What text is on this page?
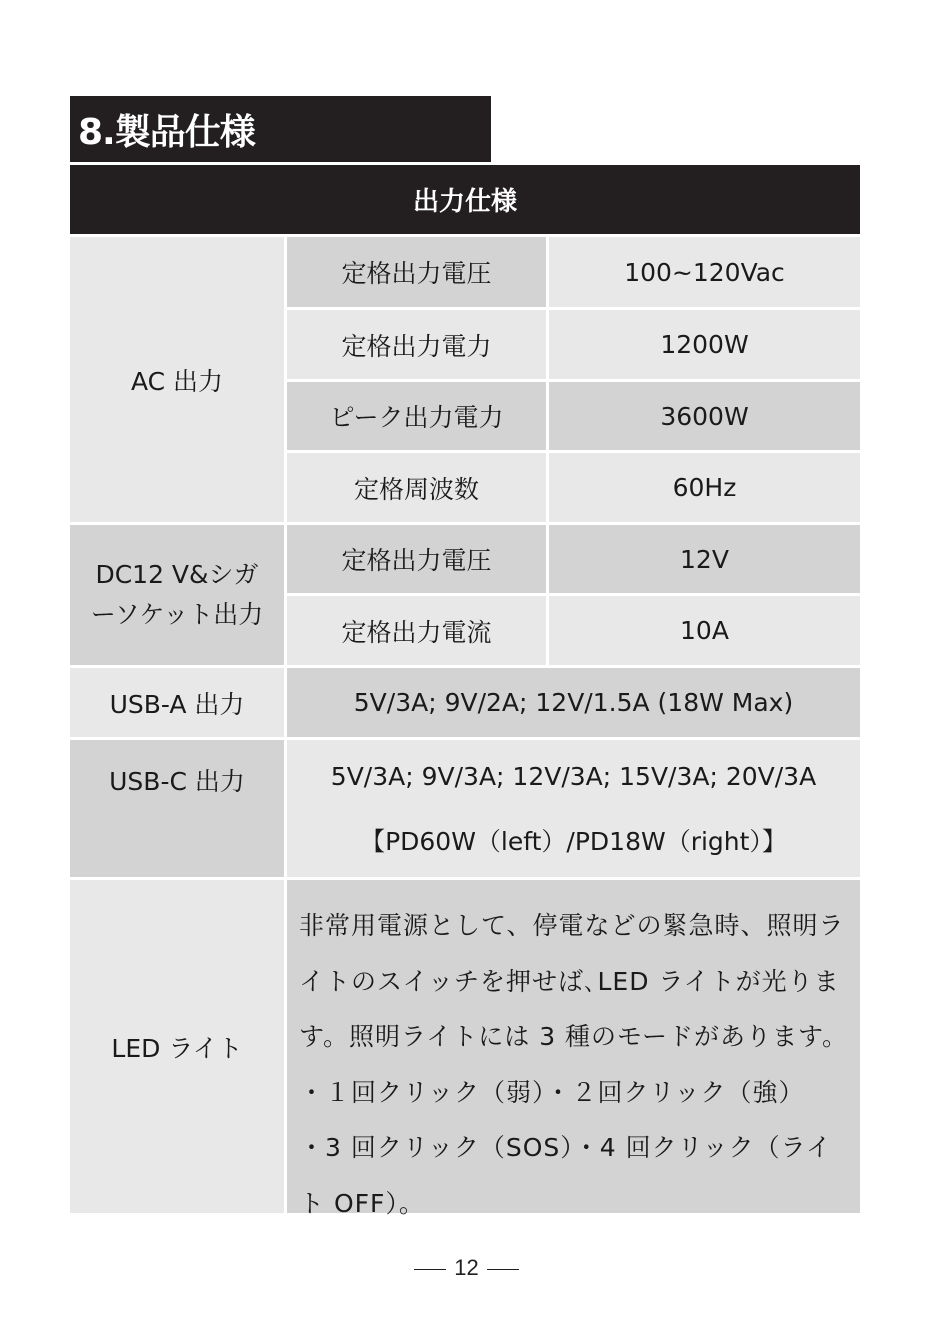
8.製品仕様
出力仕様
AC 出力
定格出力電圧	100~120Vac
定格出力電力	1200W
ピーク出力電力	3600W
定格周波数	60Hz
DC12 V&シガ
ーソケット出力
定格出力電圧	12V
定格出力電流	10A
USB-A 出力	5V/3A; 9V/2A; 12V/1.5A (18W Max)
USB-C 出力	5V/3A; 9V/3A; 12V/3A; 15V/3A; 20V/3A
【PD60W（left）/PD18W（right）】
LED ライト
非常用電源として、停電などの緊急時、照明ラ
イトのスイッチを押せば､LED ライトが光りま
す。照明ライトには 3 種のモードがあります。
・１回クリック（弱）・２回クリック（強）
・3 回クリック（SOS）・4 回クリック（ライ
ト OFF）。
12
